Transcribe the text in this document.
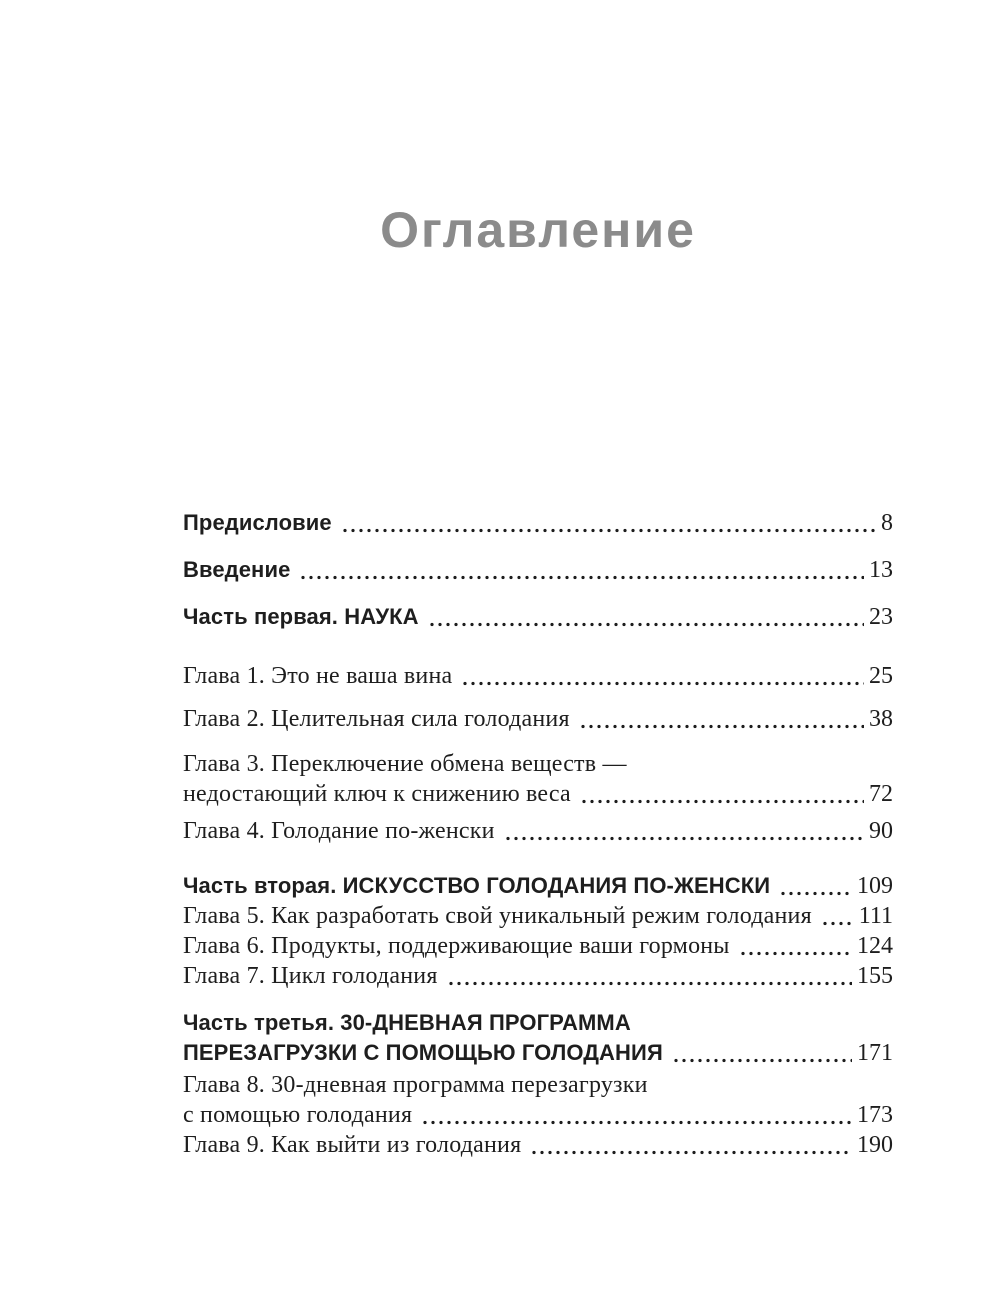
Оглавление
Предисловие	8
Введение	13
Часть первая. НАУКА	23
Глава 1. Это не ваша вина	25
Глава 2. Целительная сила голодания	38
Глава 3. Переключение обмена веществ —
недостающий ключ к снижению веса	72
Глава 4. Голодание по-женски	90
Часть вторая. ИСКУССТВО ГОЛОДАНИЯ ПО-ЖЕНСКИ	109
Глава 5. Как разработать свой уникальный режим голодания 111
Глава 6. Продукты, поддерживающие ваши гормоны	124
Глава 7. Цикл голодания	155
Часть третья. 30-ДНЕВНАЯ ПРОГРАММА
ПЕРЕЗАГРУЗКИ С ПОМОЩЬЮ ГОЛОДАНИЯ	171
Глава 8. 30-дневная программа перезагрузки
с помощью голодания	173
Глава 9. Как выйти из голодания	190
